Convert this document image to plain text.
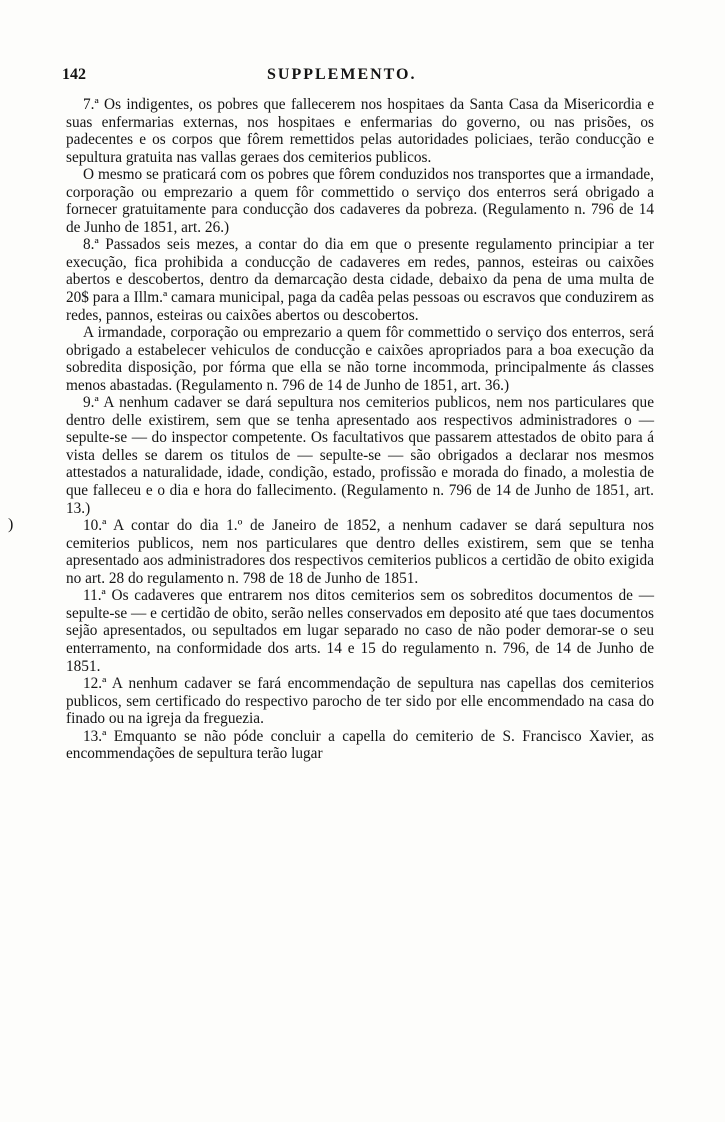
142	SUPPLEMENTO.
)

7.ª Os indigentes, os pobres que fallecerem nos hospitaes da Santa Casa da Misericordia e suas enfermarias externas, nos hospitaes e enfermarias do governo, ou nas prisões, os padecentes e os corpos que fôrem remettidos pelas autoridades policiaes, terão conducção e sepultura gratuita nas vallas geraes dos cemiterios publicos.

O mesmo se praticará com os pobres que fôrem conduzidos nos transportes que a irmandade, corporação ou emprezario a quem fôr commettido o serviço dos enterros será obrigado a fornecer gratuitamente para conducção dos cadaveres da pobreza. (Regulamento n. 796 de 14 de Junho de 1851, art. 26.)

8.ª Passados seis mezes, a contar do dia em que o presente regulamento principiar a ter execução, fica prohibida a conducção de cadaveres em redes, pannos, esteiras ou caixões abertos e descobertos, dentro da demarcação desta cidade, debaixo da pena de uma multa de 20$ para a Illm.ª camara municipal, paga da cadêa pelas pessoas ou escravos que conduzirem as redes, pannos, esteiras ou caixões abertos ou descobertos.

A irmandade, corporação ou emprezario a quem fôr commettido o serviço dos enterros, será obrigado a estabelecer vehiculos de conducção e caixões apropriados para a boa execução da sobredita disposição, por fórma que ella se não torne incommoda, principalmente ás classes menos abastadas. (Regulamento n. 796 de 14 de Junho de 1851, art. 36.)

9.ª A nenhum cadaver se dará sepultura nos cemiterios publicos, nem nos particulares que dentro delle existirem, sem que se tenha apresentado aos respectivos administradores o — sepulte-se — do inspector competente. Os facultativos que passarem attestados de obito para á vista delles se darem os titulos de — sepulte-se — são obrigados a declarar nos mesmos attestados a naturalidade, idade, condição, estado, profissão e morada do finado, a molestia de que falleceu e o dia e hora do fallecimento. (Regulamento n. 796 de 14 de Junho de 1851, art. 13.)

10.ª A contar do dia 1.º de Janeiro de 1852, a nenhum cadaver se dará sepultura nos cemiterios publicos, nem nos particulares que dentro delles existirem, sem que se tenha apresentado aos administradores dos respectivos cemiterios publicos a certidão de obito exigida no art. 28 do regulamento n. 798 de 18 de Junho de 1851.

11.ª Os cadaveres que entrarem nos ditos cemiterios sem os sobreditos documentos de — sepulte-se — e certidão de obito, serão nelles conservados em deposito até que taes documentos sejão apresentados, ou sepultados em lugar separado no caso de não poder demorar-se o seu enterramento, na conformidade dos arts. 14 e 15 do regulamento n. 796, de 14 de Junho de 1851.

12.ª A nenhum cadaver se fará encommendação de sepultura nas capellas dos cemiterios publicos, sem certificado do respectivo parocho de ter sido por elle encommendado na casa do finado ou na igreja da freguezia.

13.ª Emquanto se não póde concluir a capella do cemiterio de S. Francisco Xavier, as encommendações de sepultura terão lugar
